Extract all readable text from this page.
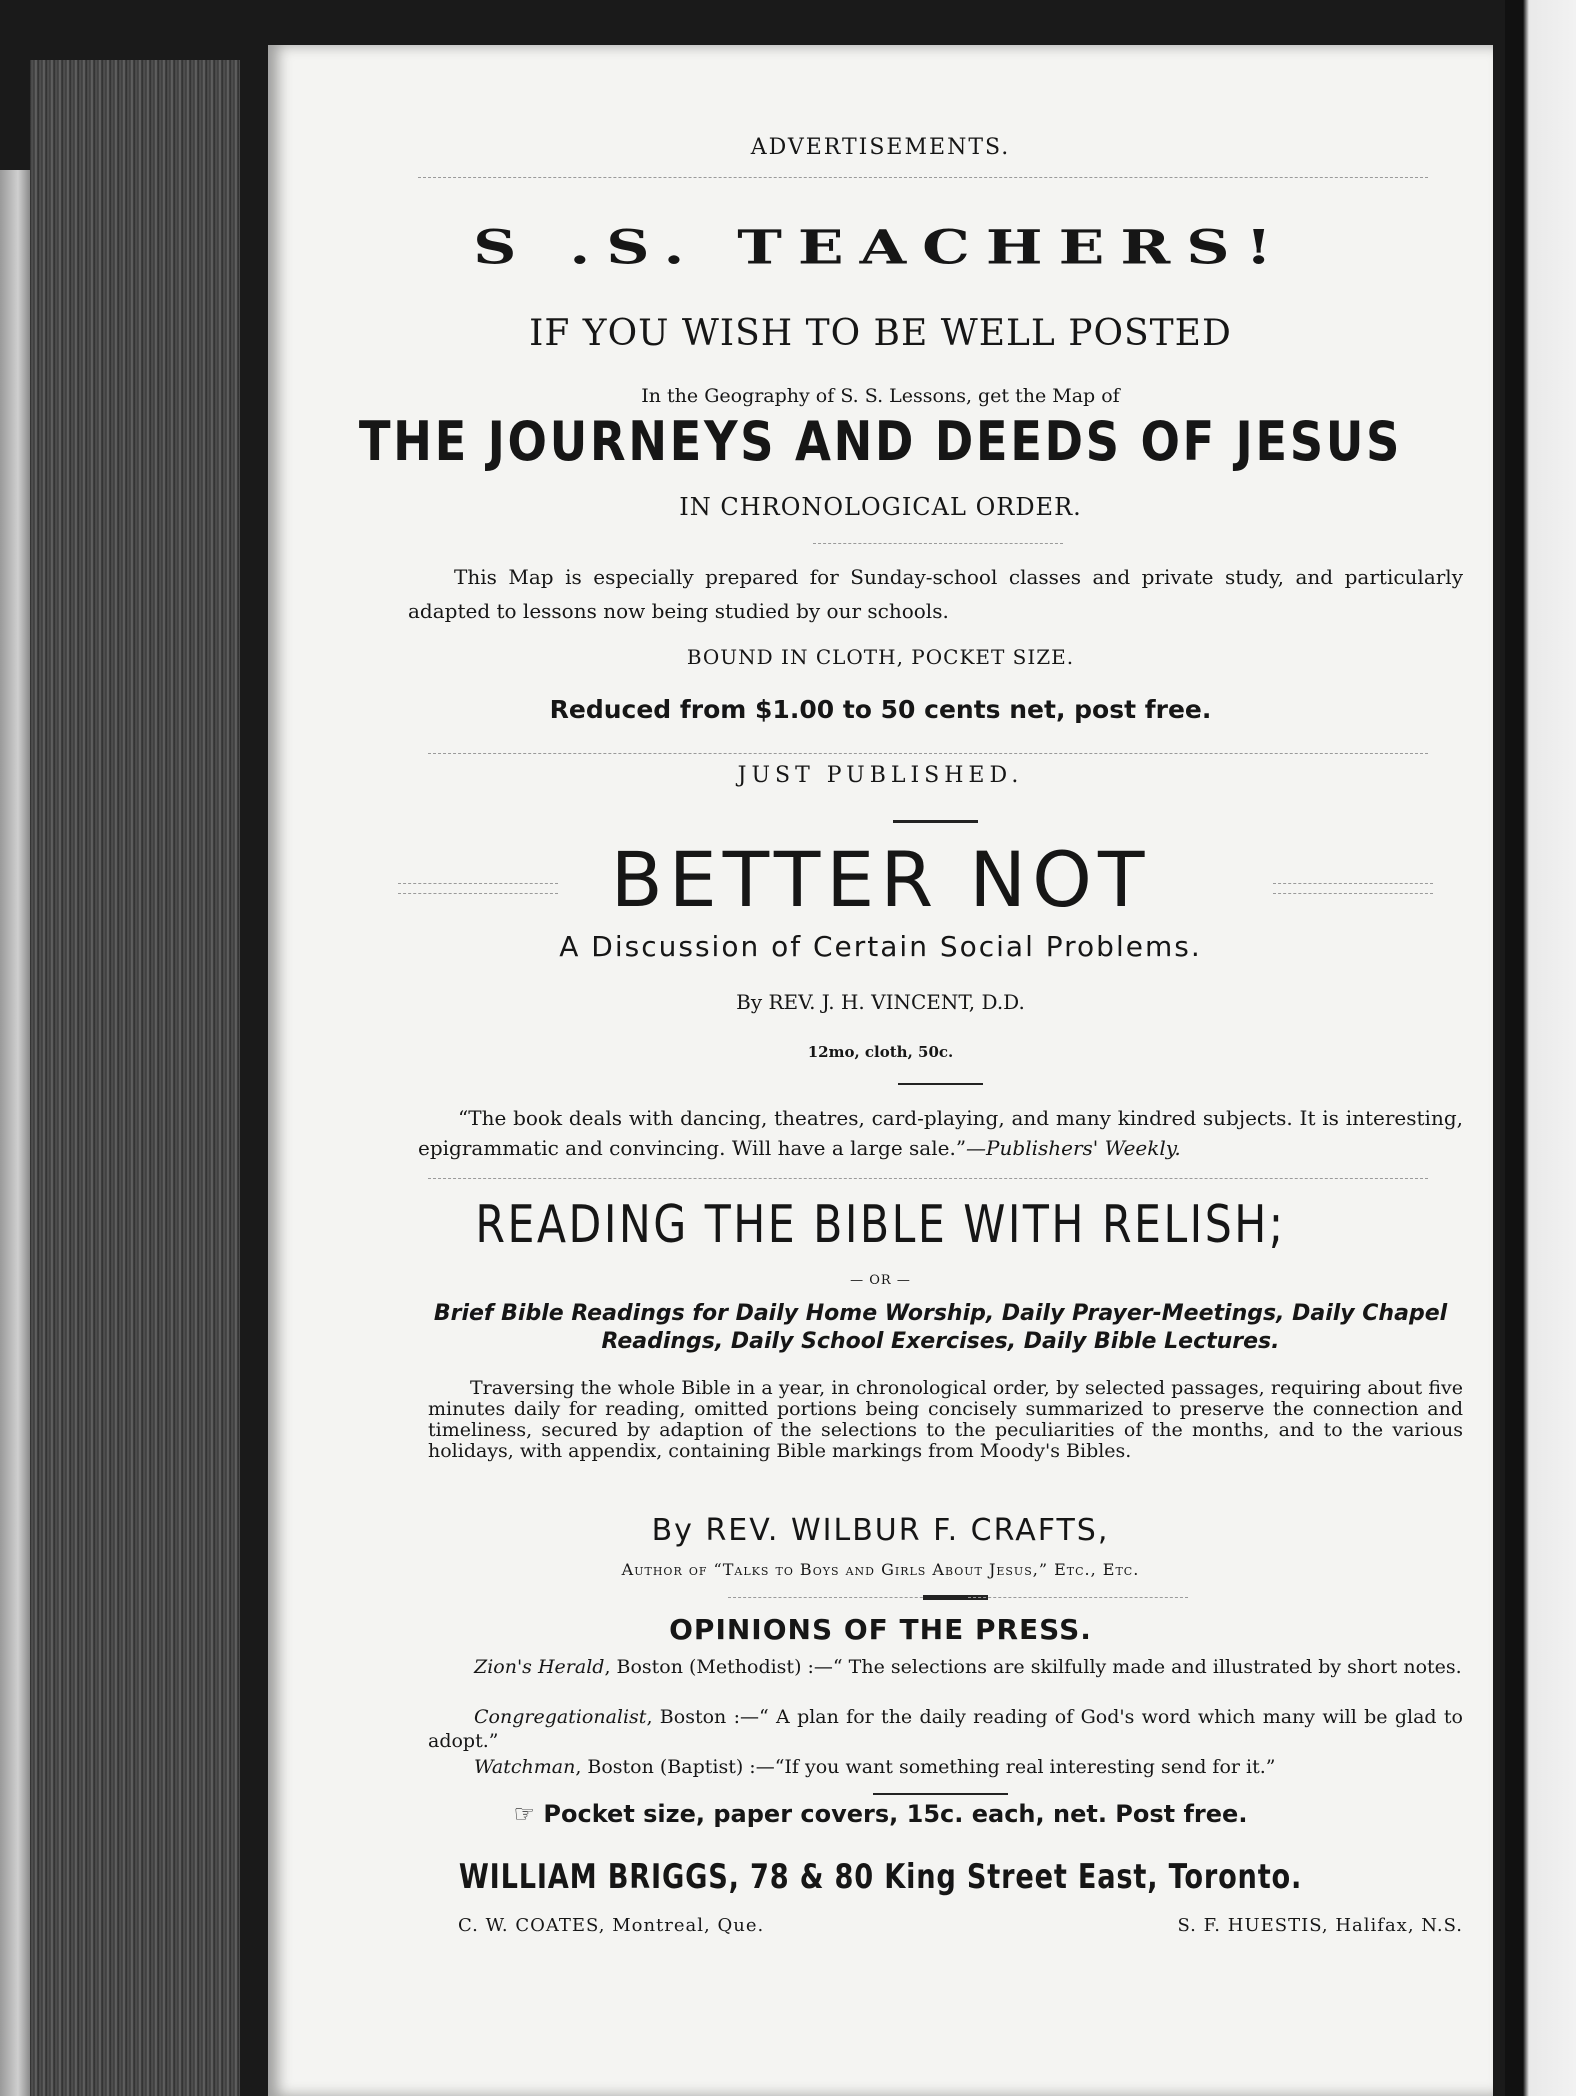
ADVERTISEMENTS.
S .S. TEACHERS!
IF YOU WISH TO BE WELL POSTED
In the Geography of S. S. Lessons, get the Map of
THE JOURNEYS AND DEEDS OF JESUS
IN CHRONOLOGICAL ORDER.
This Map is especially prepared for Sunday-school classes and private study, and particularly adapted to lessons now being studied by our schools.
BOUND IN CLOTH, POCKET SIZE.
Reduced from $1.00 to 50 cents net, post free.
JUST PUBLISHED.
BETTER NOT
A Discussion of Certain Social Problems.
By REV. J. H. VINCENT, D.D.
12mo, cloth, 50c.
“The book deals with dancing, theatres, card-playing, and many kindred subjects. It is interesting, epigrammatic and convincing. Will have a large sale.”—Publishers' Weekly.
READING THE BIBLE WITH RELISH;
— OR —
Brief Bible Readings for Daily Home Worship, Daily Prayer-Meetings, Daily Chapel Readings, Daily School Exercises, Daily Bible Lectures.
Traversing the whole Bible in a year, in chronological order, by selected passages, requiring about five minutes daily for reading, omitted portions being concisely summarized to preserve the connection and timeliness, secured by adaption of the selections to the peculiarities of the months, and to the various holidays, with appendix, containing Bible markings from Moody's Bibles.
By REV. WILBUR F. CRAFTS,
Author of “Talks to Boys and Girls About Jesus,” Etc., Etc.
OPINIONS OF THE PRESS.
Zion's Herald, Boston (Methodist) :—“ The selections are skilfully made and illustrated by short notes.
Congregationalist, Boston :—“ A plan for the daily reading of God's word which many will be glad to adopt.”
Watchman, Boston (Baptist) :—“If you want something real interesting send for it.”
☞ Pocket size, paper covers, 15c. each, net. Post free.
WILLIAM BRIGGS, 78 & 80 King Street East, Toronto.
C. W. COATES, Montreal, Que.	S. F. HUESTIS, Halifax, N.S.
